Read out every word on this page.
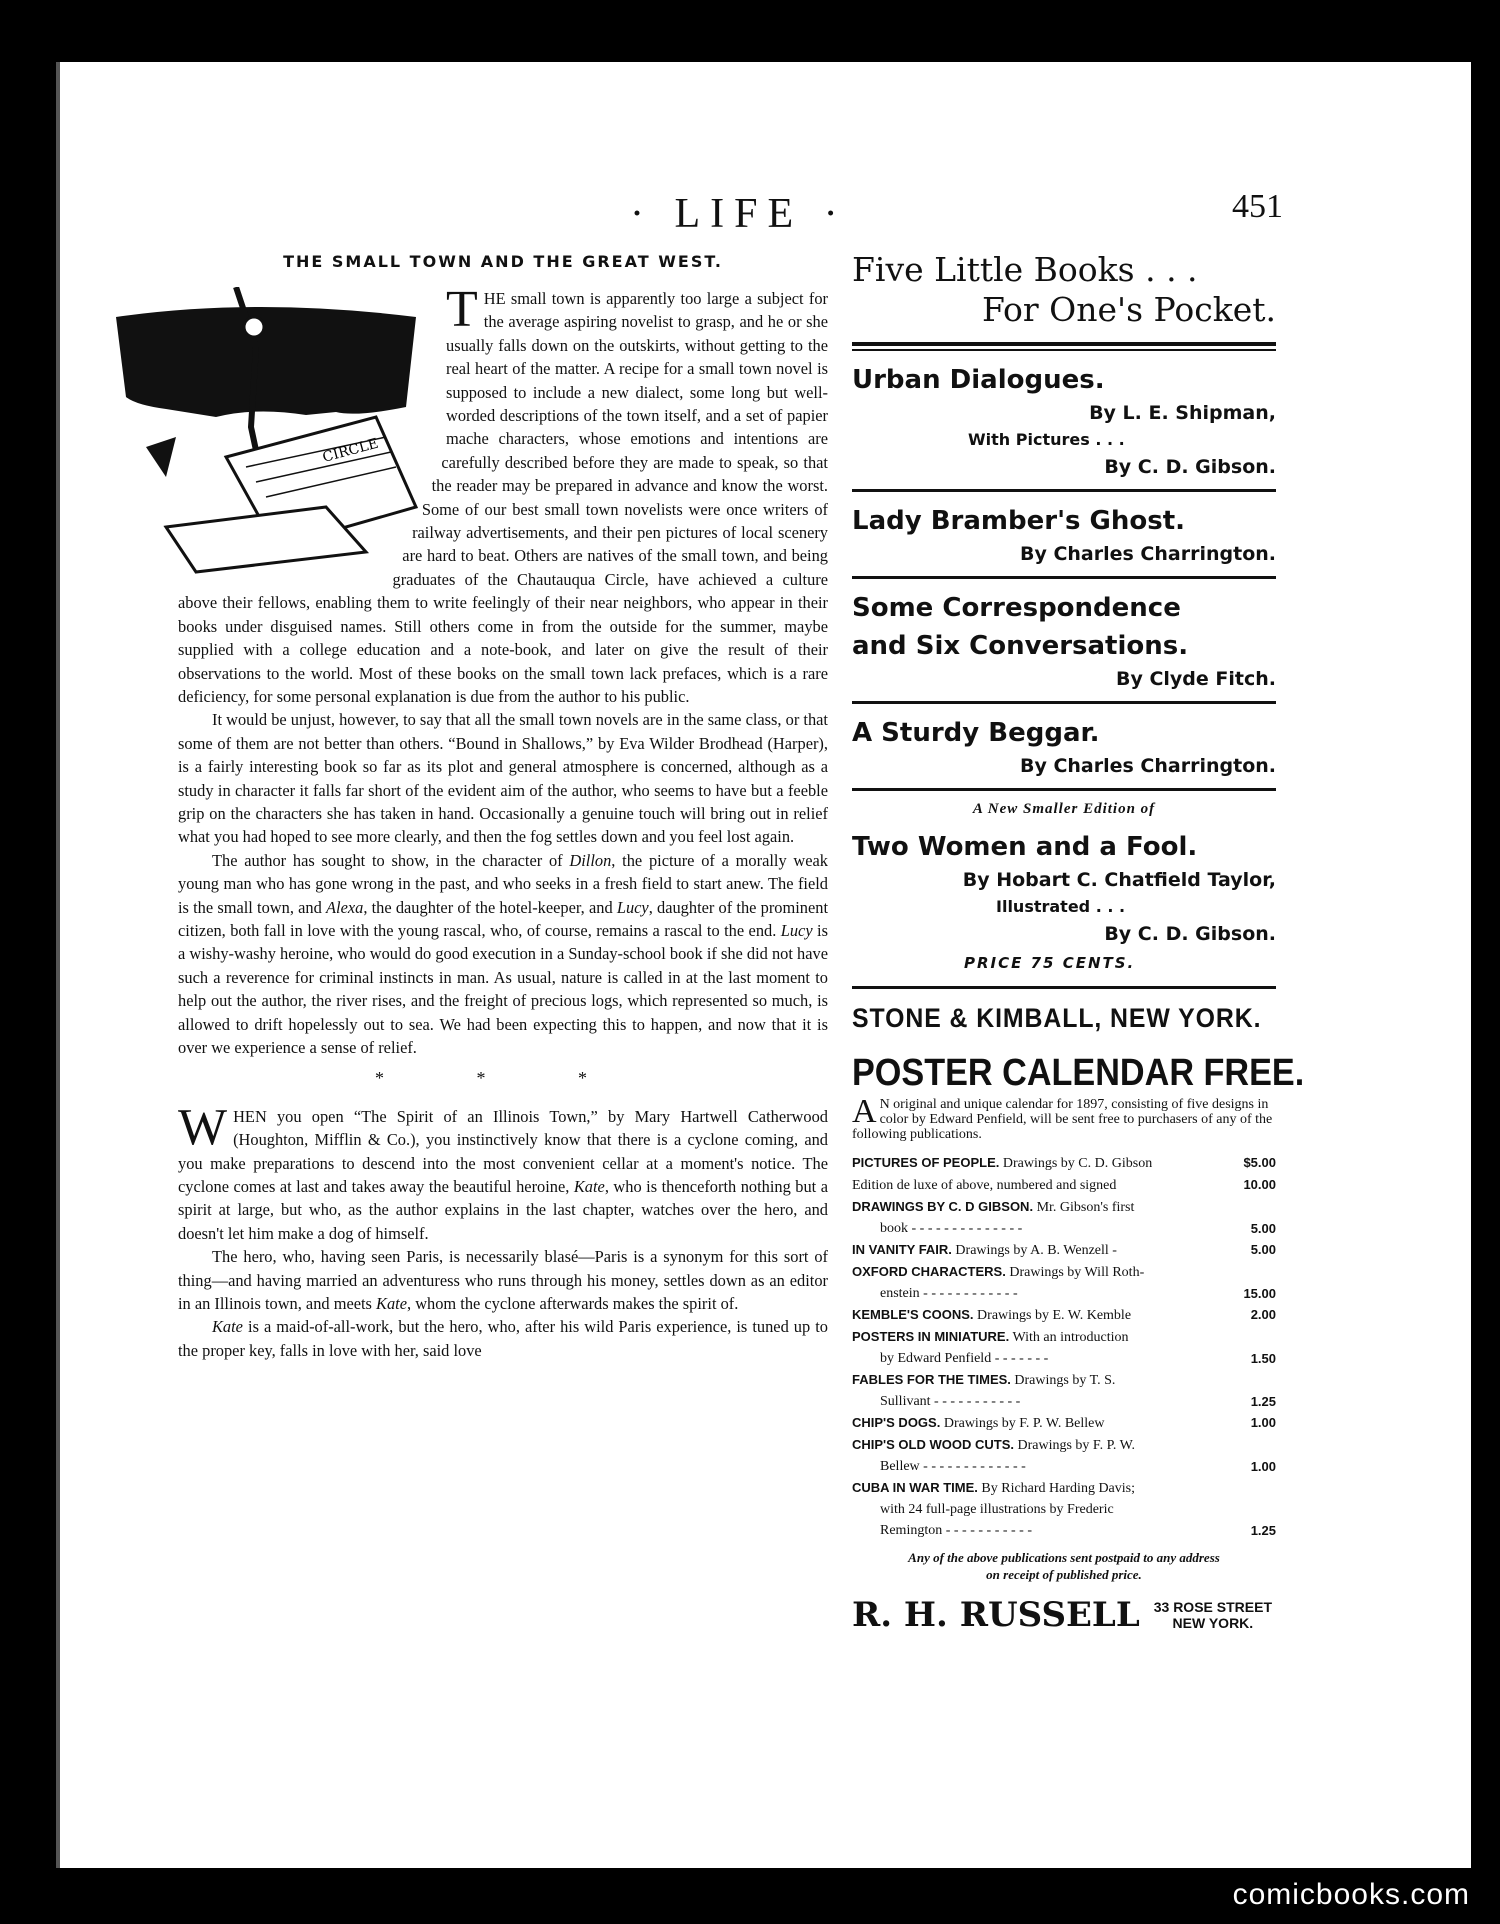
· LIFE ·	451
THE SMALL TOWN AND THE GREAT WEST.
CIRCLE

THE small town is apparently too large a subject for the average aspiring novelist to grasp, and he or she usually falls down on the outskirts, without getting to the real heart of the matter. A recipe for a small town novel is supposed to include a new dialect, some long but well-worded descriptions of the town itself, and a set of papier mache characters, whose emotions and intentions are carefully described before they are made to speak, so that the reader may be prepared in advance and know the worst. Some of our best small town novelists were once writers of railway advertisements, and their pen pictures of local scenery are hard to beat. Others are natives of the small town, and being graduates of the Chautauqua Circle, have achieved a culture above their fellows, enabling them to write feelingly of their near neighbors, who appear in their books under disguised names. Still others come in from the outside for the summer, maybe supplied with a college education and a note-book, and later on give the result of their observations to the world. Most of these books on the small town lack prefaces, which is a rare deficiency, for some personal explanation is due from the author to his public.

It would be unjust, however, to say that all the small town novels are in the same class, or that some of them are not better than others. “Bound in Shallows,” by Eva Wilder Brodhead (Harper), is a fairly interesting book so far as its plot and general atmosphere is concerned, although as a study in character it falls far short of the evident aim of the author, who seems to have but a feeble grip on the characters she has taken in hand. Occasionally a genuine touch will bring out in relief what you had hoped to see more clearly, and then the fog settles down and you feel lost again.

The author has sought to show, in the character of Dillon, the picture of a morally weak young man who has gone wrong in the past, and who seeks in a fresh field to start anew. The field is the small town, and Alexa, the daughter of the hotel-keeper, and Lucy, daughter of the prominent citizen, both fall in love with the young rascal, who, of course, remains a rascal to the end. Lucy is a wishy-washy heroine, who would do good execution in a Sunday-school book if she did not have such a reverence for criminal instincts in man. As usual, nature is called in at the last moment to help out the author, the river rises, and the freight of precious logs, which represented so much, is allowed to drift hopelessly out to sea. We had been expecting this to happen, and now that it is over we experience a sense of relief.

* * *

WHEN you open “The Spirit of an Illinois Town,” by Mary Hartwell Catherwood (Houghton, Mifflin & Co.), you instinctively know that there is a cyclone coming, and you make preparations to descend into the most convenient cellar at a moment's notice. The cyclone comes at last and takes away the beautiful heroine, Kate, who is thenceforth nothing but a spirit at large, but who, as the author explains in the last chapter, watches over the hero, and doesn't let him make a dog of himself.

The hero, who, having seen Paris, is necessarily blasé—Paris is a synonym for this sort of thing—and having married an adventuress who runs through his money, settles down as an editor in an Illinois town, and meets Kate, whom the cyclone afterwards makes the spirit of.

Kate is a maid-of-all-work, but the hero, who, after his wild Paris experience, is tuned up to the proper key, falls in love with her, said love

Five Little Books . . .
For One's Pocket.
Urban Dialogues.
By L. E. Shipman,
With Pictures . . .
By C. D. Gibson.
Lady Bramber's Ghost.
By Charles Charrington.
Some Correspondence
and Six Conversations.
By Clyde Fitch.
A Sturdy Beggar.
By Charles Charrington.
A New Smaller Edition of
Two Women and a Fool.
By Hobart C. Chatfield Taylor,
Illustrated . . .
By C. D. Gibson.
PRICE 75 CENTS.
STONE & KIMBALL, NEW YORK.
POSTER CALENDAR FREE.
A N original and unique calendar for 1897, consisting of five designs in color by Edward Penfield, will be sent free to purchasers of any of the following publications.
PICTURES OF PEOPLE. Drawings by C. D. Gibson	$5.00
Edition de luxe of above, numbered and signed	10.00
DRAWINGS BY C. D GIBSON. Mr. Gibson's first
book - - - - - - - - - - - - - -	5.00
IN VANITY FAIR. Drawings by A. B. Wenzell -	5.00
OXFORD CHARACTERS. Drawings by Will Roth-
enstein - - - - - - - - - - - -	15.00
KEMBLE'S COONS. Drawings by E. W. Kemble	2.00
POSTERS IN MINIATURE. With an introduction
by Edward Penfield - - - - - - -	1.50
FABLES FOR THE TIMES. Drawings by T. S.
Sullivant - - - - - - - - - - -	1.25
CHIP'S DOGS. Drawings by F. P. W. Bellew	1.00
CHIP'S OLD WOOD CUTS. Drawings by F. P. W.
Bellew - - - - - - - - - - - - -	1.00
CUBA IN WAR TIME. By Richard Harding Davis;
with 24 full-page illustrations by Frederic
Remington - - - - - - - - - - -	1.25
Any of the above publications sent postpaid to any address
on receipt of published price.
R. H. RUSSELL 33 ROSE STREET
NEW YORK.
comicbooks.com
